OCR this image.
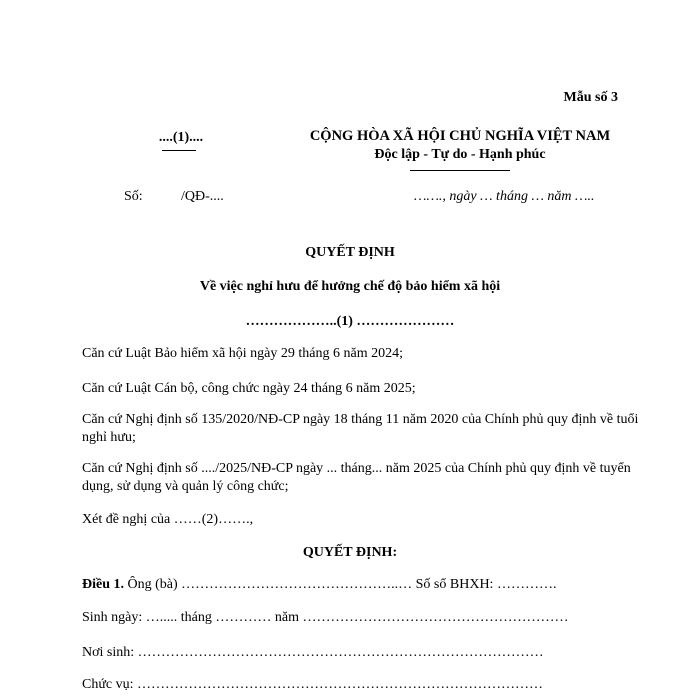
Mẫu số 3
....(1)....	CỘNG HÒA XÃ HỘI CHỦ NGHĨA VIỆT NAM
Độc lập - Tự do - Hạnh phúc
Số:	/QĐ-....	……., ngày … tháng … năm …..
QUYẾT ĐỊNH
Về việc nghỉ hưu để hưởng chế độ bảo hiểm xã hội
………………..(1) …………………
Căn cứ Luật Bảo hiểm xã hội ngày 29 tháng 6 năm 2024;
Căn cứ Luật Cán bộ, công chức ngày 24 tháng 6 năm 2025;
Căn cứ Nghị định số 135/2020/NĐ-CP ngày 18 tháng 11 năm 2020 của Chính phủ quy định về tuổi nghỉ hưu;
Căn cứ Nghị định số ..../2025/NĐ-CP ngày ... tháng... năm 2025 của Chính phủ quy định về tuyển dụng, sử dụng và quản lý công chức;
Xét đề nghị của ……(2)…….,
QUYẾT ĐỊNH:
Điều 1. Ông (bà) ………………………………………..… Số sổ BHXH: ………….
Sinh ngày: …..... tháng ………… năm …………………………………………………
Nơi sinh: ……………………………………………………………………………
Chức vụ: ……………………………………………………………………………
